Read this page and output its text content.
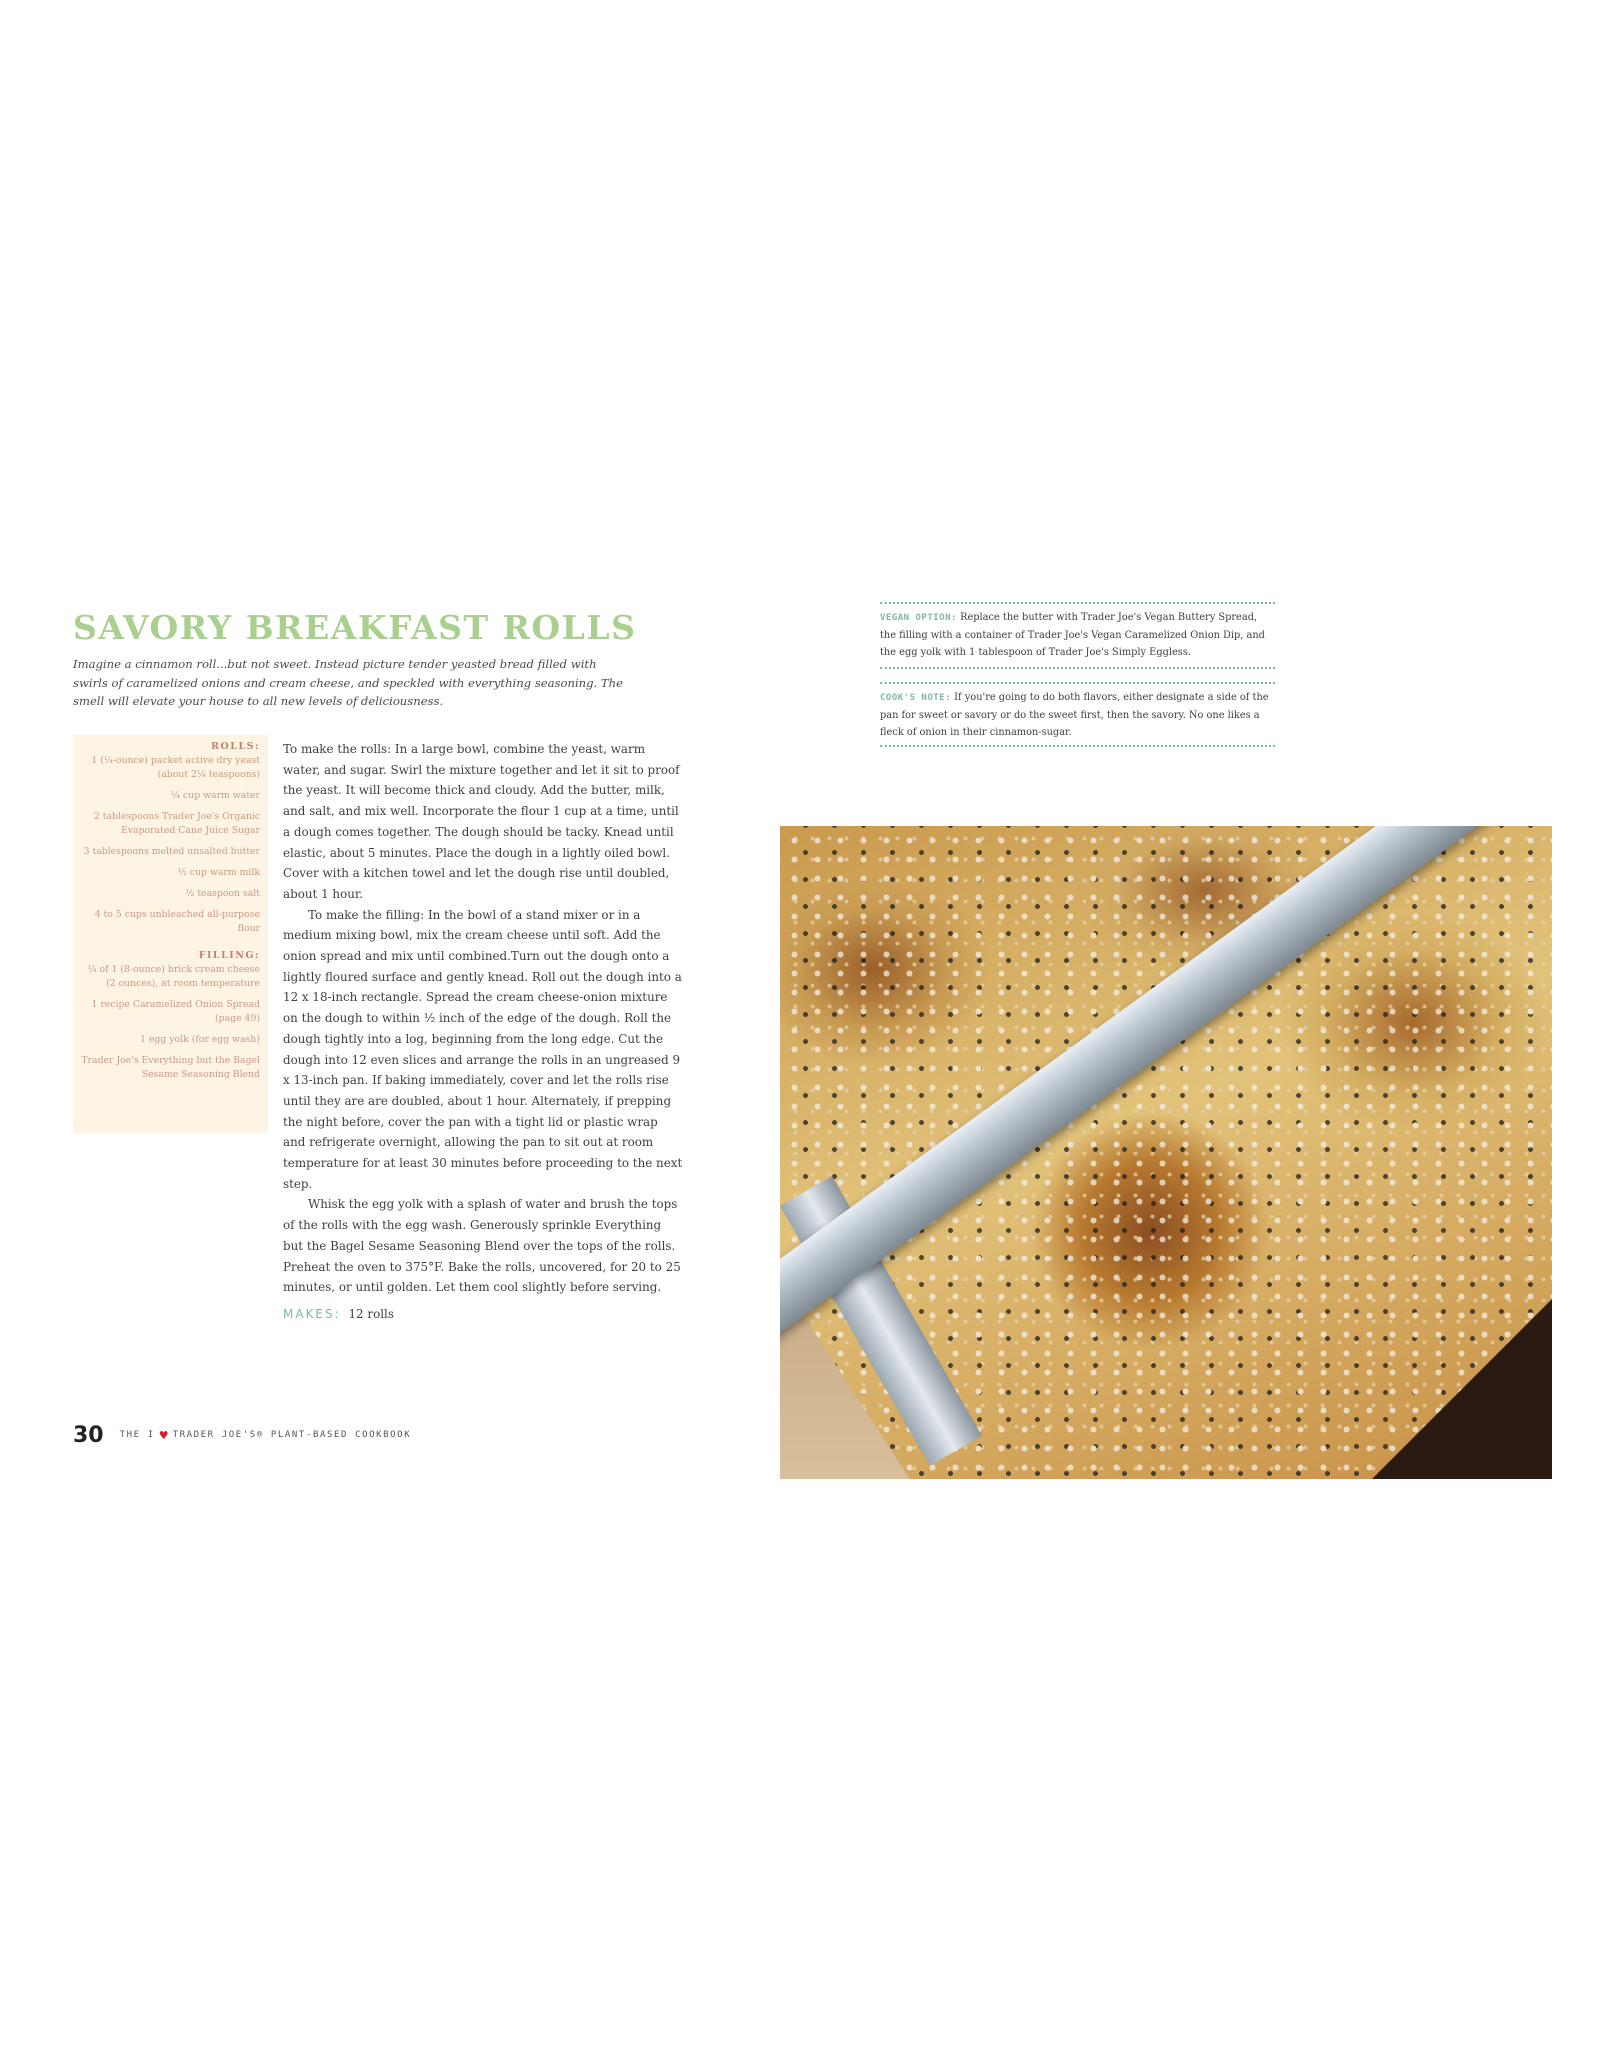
SAVORY BREAKFAST ROLLS
Imagine a cinnamon roll...but not sweet. Instead picture tender yeasted bread filled with swirls of caramelized onions and cream cheese, and speckled with everything seasoning. The smell will elevate your house to all new levels of deliciousness.
ROLLS:
1 (¼-ounce) packet active dry yeast (about 2¼ teaspoons)
¼ cup warm water
2 tablespoons Trader Joe's Organic Evaporated Cane Juice Sugar
3 tablespoons melted unsalted butter
½ cup warm milk
½ teaspoon salt
4 to 5 cups unbleached all-purpose flour
FILLING:
¼ of 1 (8-ounce) brick cream cheese (2 ounces), at room temperature
1 recipe Caramelized Onion Spread (page 49)
1 egg yolk (for egg wash)
Trader Joe's Everything but the Bagel Sesame Seasoning Blend

To make the rolls: In a large bowl, combine the yeast, warm water, and sugar. Swirl the mixture together and let it sit to proof the yeast. It will become thick and cloudy. Add the butter, milk, and salt, and mix well. Incorporate the flour 1 cup at a time, until a dough comes together. The dough should be tacky. Knead until elastic, about 5 minutes. Place the dough in a lightly oiled bowl. Cover with a kitchen towel and let the dough rise until doubled, about 1 hour.

To make the filling: In the bowl of a stand mixer or in a medium mixing bowl, mix the cream cheese until soft. Add the onion spread and mix until combined.Turn out the dough onto a lightly floured surface and gently knead. Roll out the dough into a 12 x 18-inch rectangle. Spread the cream cheese-onion mixture on the dough to within ½ inch of the edge of the dough. Roll the dough tightly into a log, beginning from the long edge. Cut the dough into 12 even slices and arrange the rolls in an ungreased 9 x 13-inch pan. If baking immediately, cover and let the rolls rise until they are are doubled, about 1 hour. Alternately, if prepping the night before, cover the pan with a tight lid or plastic wrap and refrigerate overnight, allowing the pan to sit out at room temperature for at least 30 minutes before proceeding to the next step.

Whisk the egg yolk with a splash of water and brush the tops of the rolls with the egg wash. Generously sprinkle Everything but the Bagel Sesame Seasoning Blend over the tops of the rolls. Preheat the oven to 375°F. Bake the rolls, uncovered, for 20 to 25 minutes, or until golden. Let them cool slightly before serving.

MAKES: 12 rolls
30 THE I ♥ TRADER JOE'S® PLANT-BASED COOKBOOK
VEGAN OPTION: Replace the butter with Trader Joe's Vegan Buttery Spread, the filling with a container of Trader Joe's Vegan Caramelized Onion Dip, and the egg yolk with 1 tablespoon of Trader Joe's Simply Eggless.
COOK'S NOTE: If you're going to do both flavors, either designate a side of the pan for sweet or savory or do the sweet first, then the savory. No one likes a fleck of onion in their cinnamon-sugar.
